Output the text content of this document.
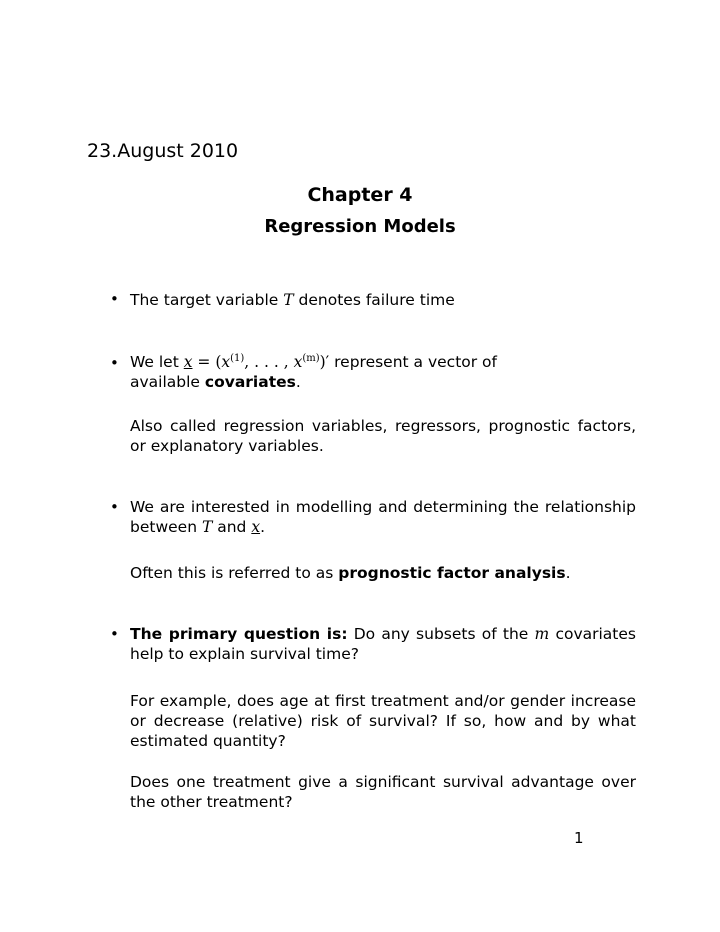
23.August 2010
Chapter 4
Regression Models
• The target variable T denotes failure time

• We let $x = (x^{(1)}$, . . . , $x^{(m)})'$ represent a vector of
available covariates.

Also called regression variables, regressors, prognostic factors, or explanatory variables.

• We are interested in modelling and determining the relationship between T and x.

Often this is referred to as prognostic factor analysis.

• The primary question is: Do any subsets of the m covariates help to explain survival time?

For example, does age at first treatment and/or gender increase or decrease (relative) risk of survival? If so, how and by what estimated quantity?

Does one treatment give a significant survival advantage over the other treatment?

1
